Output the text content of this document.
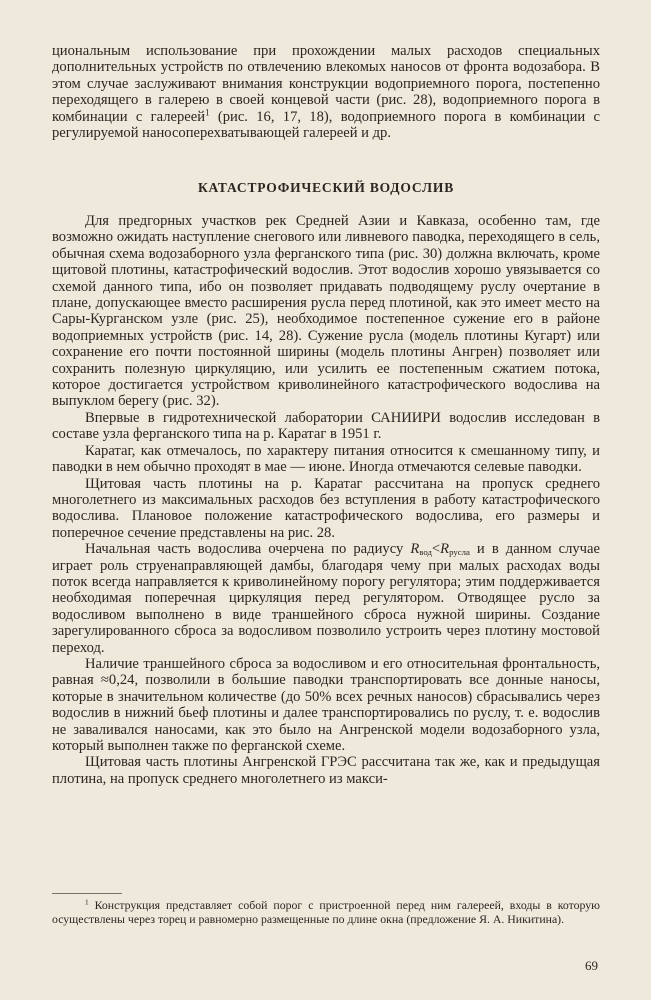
циональным использование при прохождении малых расходов специальных дополнительных устройств по отвлечению влекомых наносов от фронта водозабора. В этом случае заслуживают внимания конструкции водоприемного порога, постепенно переходящего в галерею в своей концевой части (рис. 28), водоприемного порога в комбинации с галереей$^1$ (рис. 16, 17, 18), водоприемного порога в комбинации с регулируемой наносоперехватывающей галереей и др.

КАТАСТРОФИЧЕСКИЙ ВОДОСЛИВ

Для предгорных участков рек Средней Азии и Кавказа, особенно там, где возможно ожидать наступление снегового или ливневого паводка, переходящего в сель, обычная схема водозаборного узла ферганского типа (рис. 30) должна включать, кроме щитовой плотины, катастрофический водослив. Этот водослив хорошо увязывается со схемой данного типа, ибо он позволяет придавать подводящему руслу очертание в плане, допускающее вместо расширения русла перед плотиной, как это имеет место на Сары-Курганском узле (рис. 25), необходимое постепенное сужение его в районе водоприемных устройств (рис. 14, 28). Сужение русла (модель плотины Кугарт) или сохранение его почти постоянной ширины (модель плотины Ангрен) позволяет или сохранить полезную циркуляцию, или усилить ее постепенным сжатием потока, которое достигается устройством криволинейного катастрофического водослива на выпуклом берегу (рис. 32).

Впервые в гидротехнической лаборатории САНИИРИ водослив исследован в составе узла ферганского типа на р. Каратаг в 1951 г.

Каратаг, как отмечалось, по характеру питания относится к смешанному типу, и паводки в нем обычно проходят в мае — июне. Иногда отмечаются селевые паводки.

Щитовая часть плотины на р. Каратаг рассчитана на пропуск среднего многолетнего из максимальных расходов без вступления в работу катастрофического водослива. Плановое положение катастрофического водослива, его размеры и поперечное сечение представлены на рис. 28.

Начальная часть водослива очерчена по радиусу $R_{вод}<R_{русла}$ и в данном случае играет роль струенаправляющей дамбы, благодаря чему при малых расходах воды поток всегда направляется к криволинейному порогу регулятора; этим поддерживается необходимая поперечная циркуляция перед регулятором. Отводящее русло за водосливом выполнено в виде траншейного сброса нужной ширины. Создание зарегулированного сброса за водосливом позволило устроить через плотину мостовой переход.

Наличие траншейного сброса за водосливом и его относительная фронтальность, равная ≈0,24, позволили в большие паводки транспортировать все донные наносы, которые в значительном количестве (до 50% всех речных наносов) сбрасывались через водослив в нижний бьеф плотины и далее транспортировались по руслу, т. е. водослив не заваливался наносами, как это было на Ангренской модели водозаборного узла, который выполнен также по ферганской схеме.

Щитовая часть плотины Ангренской ГРЭС рассчитана так же, как и предыдущая плотина, на пропуск среднего многолетнего из макси-

$^1$ Конструкция представляет собой порог с пристроенной перед ним галереей, входы в которую осуществлены через торец и равномерно размещенные по длине окна (предложение Я. А. Никитина).
69
